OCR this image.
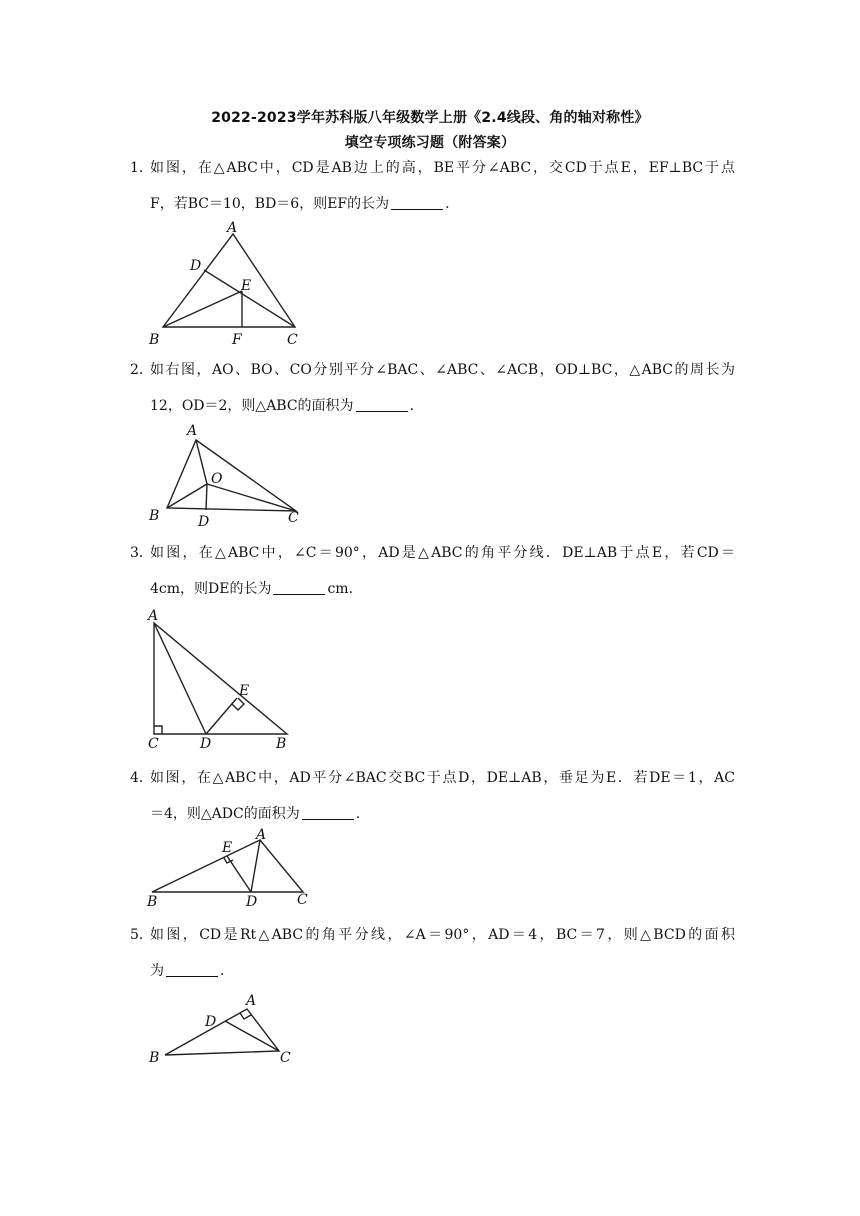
2022-2023学年苏科版八年级数学上册《2.4线段、角的轴对称性》
填空专项练习题（附答案）
1．
如图，在△ABC中，CD是AB边上的高，BE平分∠ABC，交CD于点E，EF⊥BC于点
F，若BC＝10，BD＝6，则EF的长为	.
A
D
E
B	F	C
2．
如右图，AO、BO、CO分别平分∠BAC、∠ABC、∠ACB，OD⊥BC，△ABC的周长为
12，OD＝2，则△ABC的面积为	.
A
O
B	D	C
3．
如图，在△ABC中，∠C＝90°，AD是△ABC的角平分线．DE⊥AB于点E，若CD＝
4cm，则DE的长为	cm．
A
E
C	D	B
4．
如图，在△ABC中，AD平分∠BAC交BC于点D，DE⊥AB，垂足为E．若DE＝1，AC
＝4，则△ADC的面积为	.
A
E
B	D	C
5．
如图，CD是Rt△ABC的角平分线，∠A＝90°，AD＝4，BC＝7，则△BCD的面积
为	.
A
D
B	C
